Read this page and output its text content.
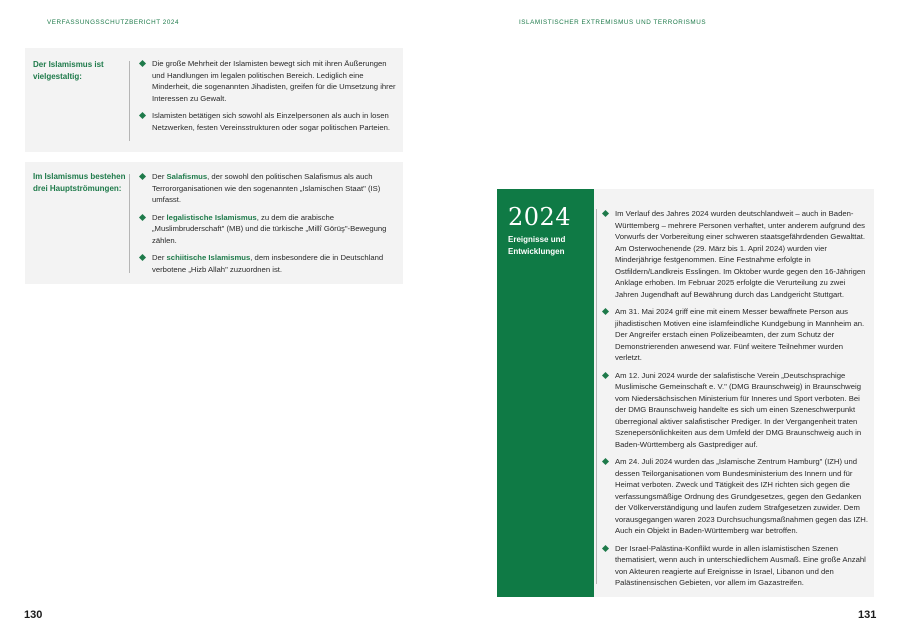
VERFASSUNGSSCHUTZBERICHT 2024	ISLAMISTISCHER EXTREMISMUS UND TERRORISMUS
Der Islamismus ist vielgestaltig:
Die große Mehrheit der Islamisten bewegt sich mit ihren Äußerungen und Handlungen im legalen politischen Bereich. Lediglich eine Minderheit, die sogenannten Jihadisten, greifen für die Umsetzung ihrer Interessen zu Gewalt.
Islamisten betätigen sich sowohl als Einzelpersonen als auch in losen Netzwerken, festen Vereinsstrukturen oder sogar politischen Parteien.
Im Islamismus bestehen drei Hauptströmungen:
Der Salafismus, der sowohl den politischen Salafismus als auch Terrororganisationen wie den sogenannten „Islamischen Staat" (IS) umfasst.
Der legalistische Islamismus, zu dem die arabische „Muslimbruderschaft" (MB) und die türkische „Millî Görüş"-Bewegung zählen.
Der schiitische Islamismus, dem insbesondere die in Deutschland verbotene „Hizb Allah" zuzuordnen ist.
2024
Ereignisse und Entwicklungen
Im Verlauf des Jahres 2024 wurden deutschlandweit – auch in Baden-Württemberg – mehrere Personen verhaftet, unter anderem aufgrund des Vorwurfs der Vorbereitung einer schweren staatsgefährdenden Gewalttat. Am Osterwochenende (29. März bis 1. April 2024) wurden vier Minderjährige festgenommen. Eine Festnahme erfolgte in Ostfildern/Landkreis Esslingen. Im Oktober wurde gegen den 16-Jährigen Anklage erhoben. Im Februar 2025 erfolgte die Verurteilung zu zwei Jahren Jugendhaft auf Bewährung durch das Landgericht Stuttgart.
Am 31. Mai 2024 griff eine mit einem Messer bewaffnete Person aus jihadistischen Motiven eine islamfeindliche Kundgebung in Mannheim an. Der Angreifer erstach einen Polizeibeamten, der zum Schutz der Demonstrierenden anwesend war. Fünf weitere Teilnehmer wurden verletzt.
Am 12. Juni 2024 wurde der salafistische Verein „Deutschsprachige Muslimische Gemeinschaft e. V." (DMG Braunschweig) in Braunschweig vom Niedersächsischen Ministerium für Inneres und Sport verboten. Bei der DMG Braunschweig handelte es sich um einen Szeneschwerpunkt überregional aktiver salafistischer Prediger. In der Vergangenheit traten Szenepersönlichkeiten aus dem Umfeld der DMG Braunschweig auch in Baden-Württemberg als Gastprediger auf.
Am 24. Juli 2024 wurden das „Islamische Zentrum Hamburg" (IZH) und dessen Teilorganisationen vom Bundesministerium des Innern und für Heimat verboten. Zweck und Tätigkeit des IZH richten sich gegen die verfassungsmäßige Ordnung des Grundgesetzes, gegen den Gedanken der Völkerverständigung und laufen zudem Strafgesetzen zuwider. Dem vorausgegangen waren 2023 Durchsuchungsmaßnahmen gegen das IZH. Auch ein Objekt in Baden-Württemberg war betroffen.
Der Israel-Palästina-Konflikt wurde in allen islamistischen Szenen thematisiert, wenn auch in unterschiedlichem Ausmaß. Eine große Anzahl von Akteuren reagierte auf Ereignisse in Israel, Libanon und den Palästinensischen Gebieten, vor allem im Gazastreifen.
130	131
